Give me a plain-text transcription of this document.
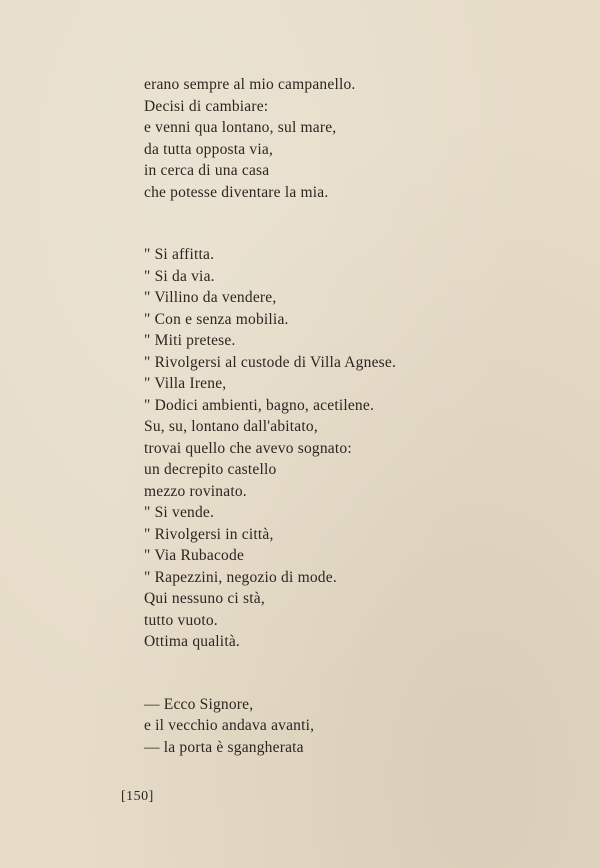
erano sempre al mio campanello.
Decisi di cambiare:
e venni qua lontano, sul mare,
da tutta opposta via,
in cerca di una casa
che potesse diventare la mia.
" Si affitta.
" Si da via.
" Villino da vendere,
" Con e senza mobilia.
" Miti pretese.
" Rivolgersi al custode di Villa Agnese.
" Villa Irene,
" Dodici ambienti, bagno, acetilene.
Su, su, lontano dall'abitato,
trovai quello che avevo sognato:
un decrepito castello
mezzo rovinato.
" Si vende.
" Rivolgersi in città,
" Via Rubacode
" Rapezzini, negozio di mode.
Qui nessuno ci stà,
tutto vuoto.
Ottima qualità.
— Ecco Signore,
e il vecchio andava avanti,
— la porta è sgangherata
[150]
